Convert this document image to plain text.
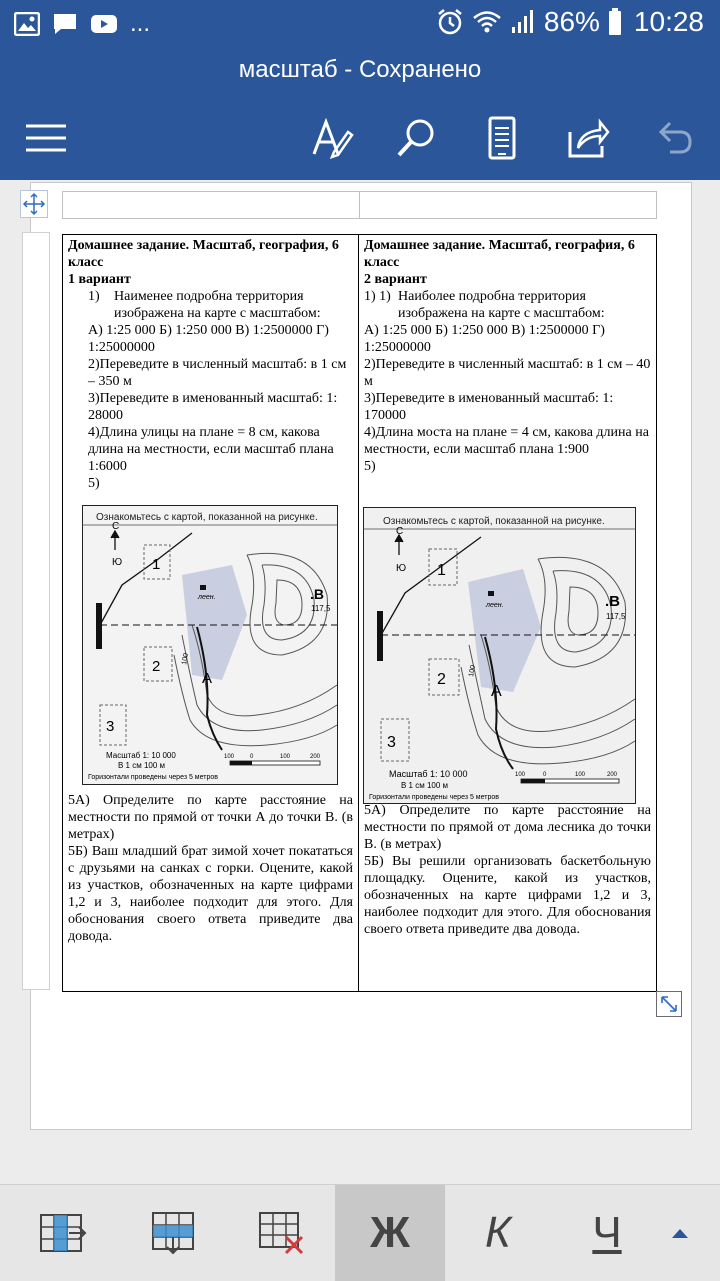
...	86% 10:28
масштаб - Сохранено
Домашнее задание. Масштаб, география, 6 класс
1 вариант
1)	Наименее подробна территория изображена на карте с масштабом:
А) 1:25 000 Б) 1:250 000 В) 1:2500000 Г) 1:25000000
2)Переведите в численный масштаб: в 1 см – 350 м
3)Переведите в именованный масштаб: 1: 28000
4)Длина улицы на плане = 8 см, какова длина на местности, если масштаб плана 1:6000
5)
5А) Определите по карте расстояние на местности по прямой от точки А до точки В. (в метрах)
5Б) Ваш младший брат зимой хочет покататься с друзьями на санках с горки. Оцените, какой из участков, обозначенных на карте цифрами 1,2 и 3, наиболее подходит для этого. Для обоснования своего ответа приведите два довода.
Домашнее задание. Масштаб, география, 6 класс
2 вариант
1) 1) Наиболее подробна территория изображена на карте с масштабом:
А) 1:25 000 Б) 1:250 000 В) 1:2500000 Г) 1:25000000
2)Переведите в численный масштаб: в 1 см – 40 м
3)Переведите в именованный масштаб: 1: 170000
4)Длина моста на плане = 4 см, какова длина на местности, если масштаб плана 1:900
5)
5А) Определите по карте расстояние на местности по прямой от дома лесника до точки В. (в метрах)
5Б) Вы решили организовать баскетбольную площадку. Оцените, какой из участков, обозначенных на карте цифрами 1,2 и 3, наиболее подходит для этого. Для обоснования своего ответа приведите два довода.
Ознакомьтесь с картой, показанной на рисунке.
С
Ю 1
2
3
А
.В
117,5
леен.
100
Масштаб 1: 10 000
В 1 см 100 м
Горизонтали проведены через 5 метров
100	0	100	200
Ознакомьтесь с картой, показанной на рисунке.
С
Ю 1
2
3
А
.В
117,5
леен.
100
Масштаб 1: 10 000
В 1 см 100 м
Горизонтали проведены через 5 метров
100	0	100	200
Ж К Ч
